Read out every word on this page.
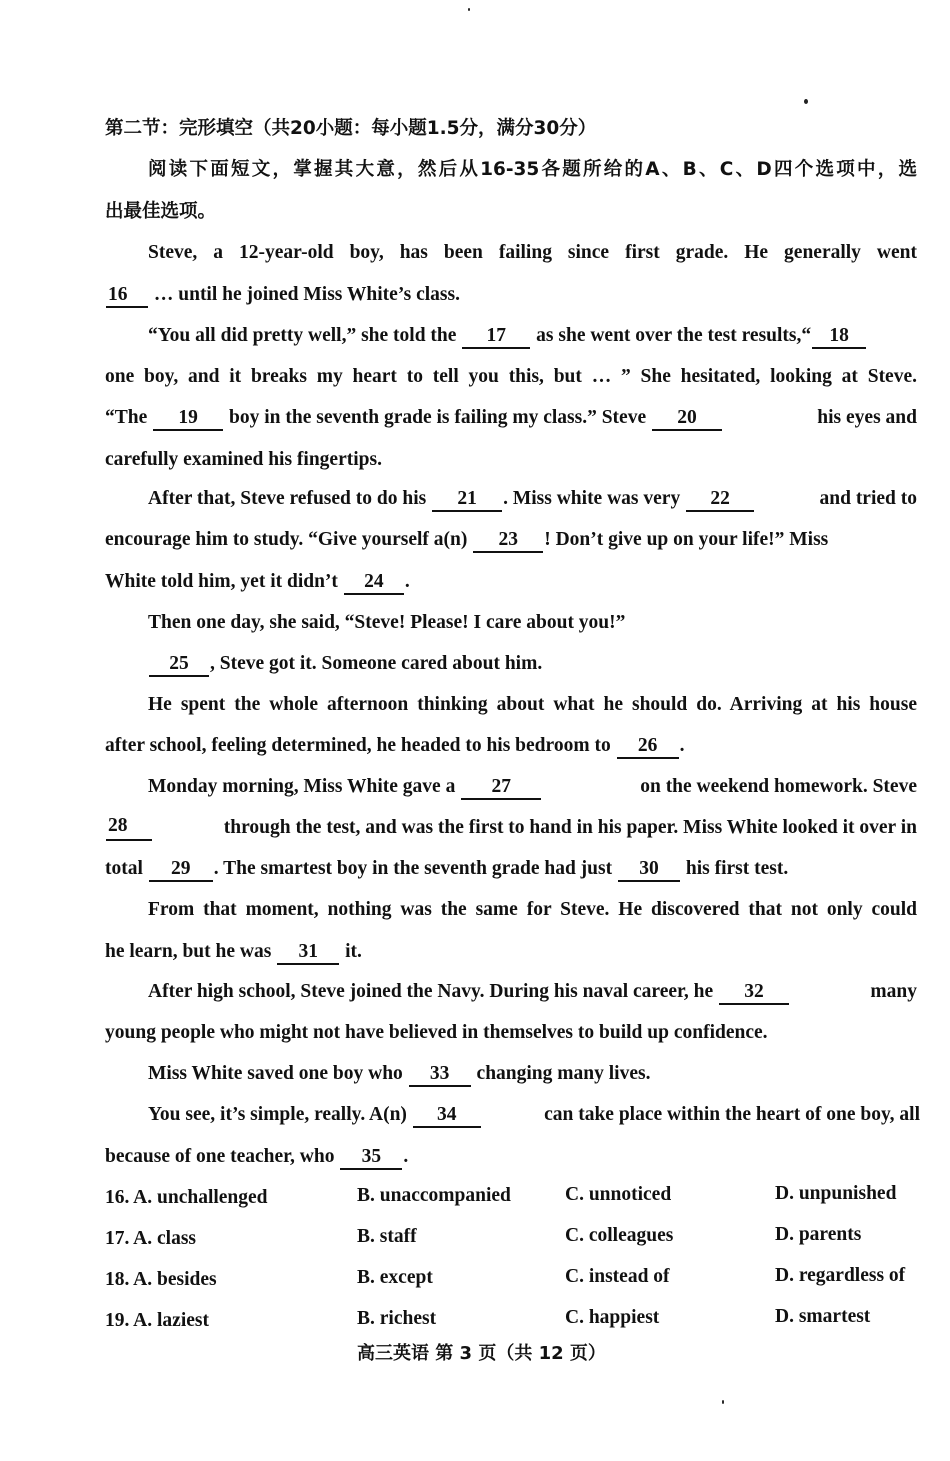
第二节：完形填空（共20小题：每小题1.5分，满分30分）
阅读下面短文，掌握其大意，然后从16-35各题所给的A、B、C、D四个选项中，选
出最佳选项。
Steve, a 12-year-old boy, has been failing since first grade. He generally went
16 … until he joined Miss White’s class.
“You all did pretty well,” she told the 17 as she went over the test results,“ 18
one boy, and it breaks my heart to tell you this, but … ” She hesitated, looking at Steve.
“The 19 boy in the seventh grade is failing my class.” Steve 20	his eyes and
carefully examined his fingertips.
After that, Steve refused to do his 21 . Miss white was very 22	and tried to
encourage him to study. “Give yourself a(n) 23 ! Don’t give up on your life!” Miss
White told him, yet it didn’t 24 .
Then one day, she said, “Steve! Please! I care about you!”
25 , Steve got it. Someone cared about him.
He spent the whole afternoon thinking about what he should do. Arriving at his house
after school, feeling determined, he headed to his bedroom to 26 .
Monday morning, Miss White gave a 27	on the weekend homework. Steve
28	through the test, and was the first to hand in his paper. Miss White looked it over in
total 29 . The smartest boy in the seventh grade had just 30 his first test.
From that moment, nothing was the same for Steve. He discovered that not only could
he learn, but he was 31 it.
After high school, Steve joined the Navy. During his naval career, he 32	many
young people who might not have believed in themselves to build up confidence.
Miss White saved one boy who 33 changing many lives.
You see, it’s simple, really. A(n) 34	can take place within the heart of one boy, all
because of one teacher, who 35 .
16. A. unchallenged	B. unaccompanied	C. unnoticed	D. unpunished
17. A. class	B. staff	C. colleagues	D. parents
18. A. besides	B. except	C. instead of	D. regardless of
19. A. laziest	B. richest	C. happiest	D. smartest
高三英语 第 3 页（共 12 页）
